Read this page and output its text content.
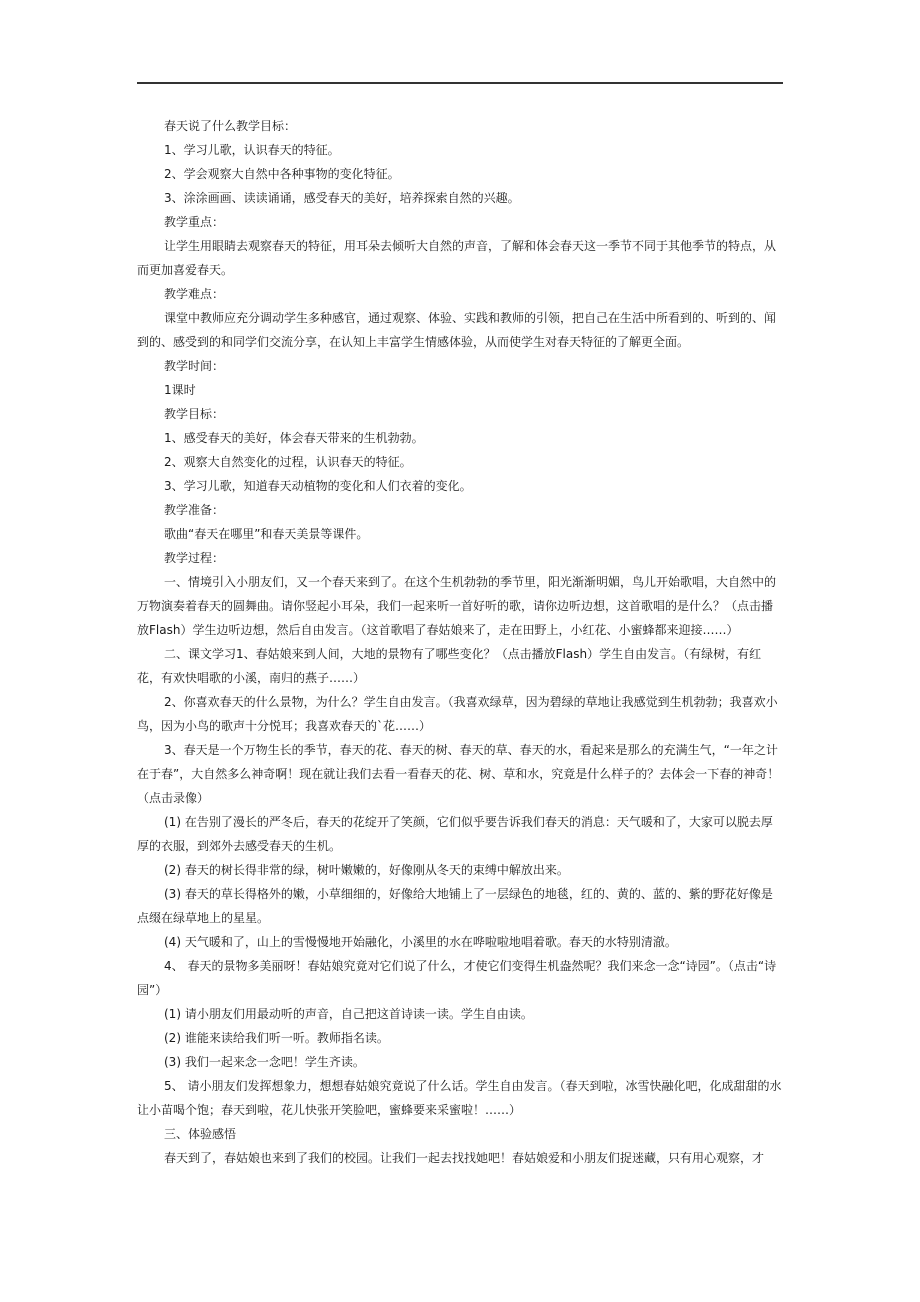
春天说了什么教学目标：

1、学习儿歌，认识春天的特征。

2、学会观察大自然中各种事物的变化特征。

3、涂涂画画、读读诵诵，感受春天的美好，培养探索自然的兴趣。

教学重点：

让学生用眼睛去观察春天的特征，用耳朵去倾听大自然的声音，了解和体会春天这一季节不同于其他季节的特点，从而更加喜爱春天。

教学难点：

课堂中教师应充分调动学生多种感官，通过观察、体验、实践和教师的引领，把自己在生活中所看到的、听到的、闻到的、感受到的和同学们交流分享，在认知上丰富学生情感体验，从而使学生对春天特征的了解更全面。

教学时间：

1课时

教学目标：

1、感受春天的美好，体会春天带来的生机勃勃。

2、观察大自然变化的过程，认识春天的特征。

3、学习儿歌，知道春天动植物的变化和人们衣着的变化。

教学准备：

歌曲“春天在哪里”和春天美景等课件。

教学过程：

一、情境引入小朋友们，又一个春天来到了。在这个生机勃勃的季节里，阳光渐渐明媚，鸟儿开始歌唱，大自然中的万物演奏着春天的圆舞曲。请你竖起小耳朵，我们一起来听一首好听的歌，请你边听边想，这首歌唱的是什么？（点击播放Flash）学生边听边想，然后自由发言。（这首歌唱了春姑娘来了，走在田野上，小红花、小蜜蜂都来迎接……）

二、课文学习1、春姑娘来到人间，大地的景物有了哪些变化？（点击播放Flash）学生自由发言。（有绿树，有红花，有欢快唱歌的小溪，南归的燕子……）

2、你喜欢春天的什么景物，为什么？学生自由发言。（我喜欢绿草，因为碧绿的草地让我感觉到生机勃勃；我喜欢小鸟，因为小鸟的歌声十分悦耳；我喜欢春天的`花……）

3、春天是一个万物生长的季节，春天的花、春天的树、春天的草、春天的水，看起来是那么的充满生气，“一年之计在于春”，大自然多么神奇啊！现在就让我们去看一看春天的花、树、草和水，究竟是什么样子的？去体会一下春的神奇！（点击录像）

(1) 在告别了漫长的严冬后，春天的花绽开了笑颜，它们似乎要告诉我们春天的消息：天气暖和了，大家可以脱去厚厚的衣服，到郊外去感受春天的生机。

(2) 春天的树长得非常的绿，树叶嫩嫩的，好像刚从冬天的束缚中解放出来。

(3) 春天的草长得格外的嫩，小草细细的，好像给大地铺上了一层绿色的地毯，红的、黄的、蓝的、紫的野花好像是点缀在绿草地上的星星。

(4) 天气暖和了，山上的雪慢慢地开始融化，小溪里的水在哗啦啦地唱着歌。春天的水特别清澈。

4、 春天的景物多美丽呀！春姑娘究竟对它们说了什么，才使它们变得生机盎然呢？我们来念一念“诗园”。（点击“诗园”）

(1) 请小朋友们用最动听的声音，自己把这首诗读一读。学生自由读。

(2) 谁能来读给我们听一听。教师指名读。

(3) 我们一起来念一念吧！学生齐读。

5、 请小朋友们发挥想象力，想想春姑娘究竟说了什么话。学生自由发言。（春天到啦，冰雪快融化吧，化成甜甜的水让小苗喝个饱；春天到啦，花儿快张开笑脸吧，蜜蜂要来采蜜啦！……）

三、体验感悟

春天到了，春姑娘也来到了我们的校园。让我们一起去找找她吧！春姑娘爱和小朋友们捉迷藏，只有用心观察，才
